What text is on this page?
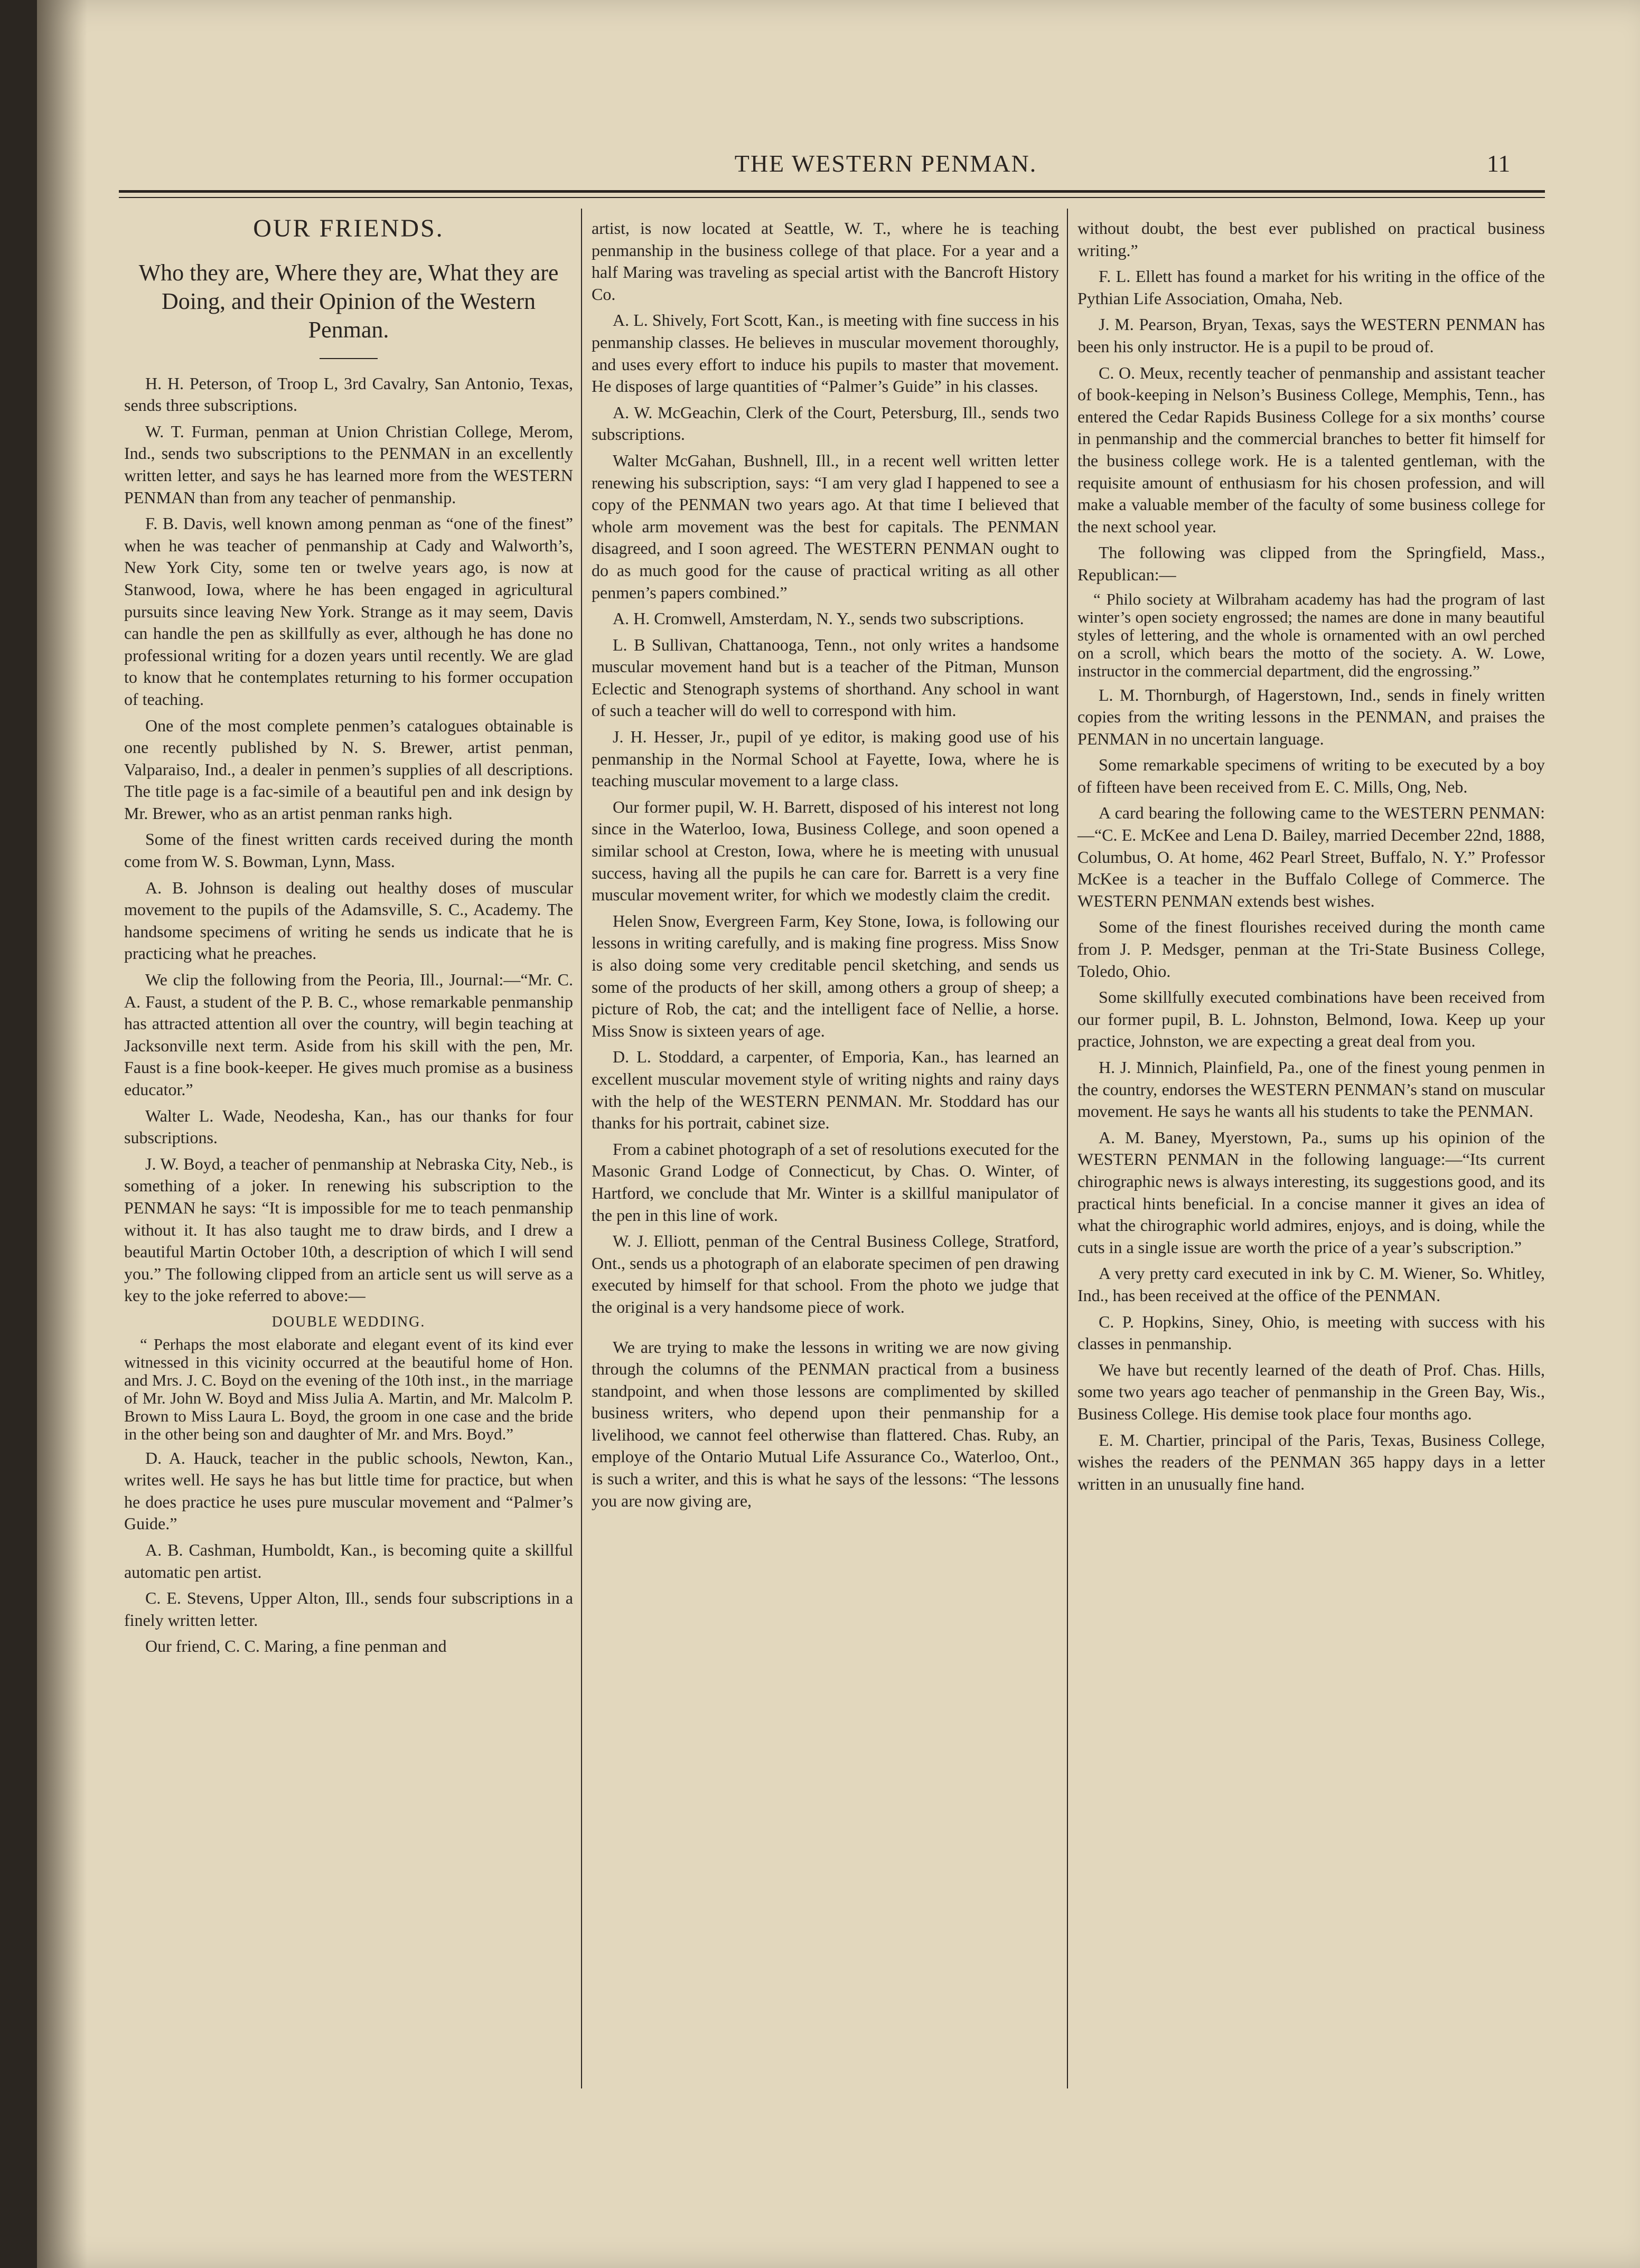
THE WESTERN PENMAN.	11

OUR FRIENDS.

Who they are, Where they are, What they are Doing, and their Opinion of the Western Penman.

H. H. Peterson, of Troop L, 3rd Cavalry, San Antonio, Texas, sends three subscriptions.

W. T. Furman, penman at Union Christian College, Merom, Ind., sends two subscriptions to the PENMAN in an excellently written letter, and says he has learned more from the WESTERN PENMAN than from any teacher of penmanship.

F. B. Davis, well known among penman as “one of the finest” when he was teacher of penmanship at Cady and Walworth’s, New York City, some ten or twelve years ago, is now at Stanwood, Iowa, where he has been engaged in agricultural pursuits since leaving New York. Strange as it may seem, Davis can handle the pen as skillfully as ever, although he has done no professional writing for a dozen years until recently. We are glad to know that he contemplates returning to his former occupation of teaching.

One of the most complete penmen’s catalogues obtainable is one recently published by N. S. Brewer, artist penman, Valparaiso, Ind., a dealer in penmen’s supplies of all descriptions. The title page is a fac-simile of a beautiful pen and ink design by Mr. Brewer, who as an artist penman ranks high.

Some of the finest written cards received during the month come from W. S. Bowman, Lynn, Mass.

A. B. Johnson is dealing out healthy doses of muscular movement to the pupils of the Adamsville, S. C., Academy. The handsome specimens of writing he sends us indicate that he is practicing what he preaches.

We clip the following from the Peoria, Ill., Journal:—“Mr. C. A. Faust, a student of the P. B. C., whose remarkable penmanship has attracted attention all over the country, will begin teaching at Jacksonville next term. Aside from his skill with the pen, Mr. Faust is a fine book-keeper. He gives much promise as a business educator.”

Walter L. Wade, Neodesha, Kan., has our thanks for four subscriptions.

J. W. Boyd, a teacher of penmanship at Nebraska City, Neb., is something of a joker. In renewing his subscription to the PENMAN he says: “It is impossible for me to teach penmanship without it. It has also taught me to draw birds, and I drew a beautiful Martin October 10th, a description of which I will send you.” The following clipped from an article sent us will serve as a key to the joke referred to above:—

DOUBLE WEDDING.

“ Perhaps the most elaborate and elegant event of its kind ever witnessed in this vicinity occurred at the beautiful home of Hon. and Mrs. J. C. Boyd on the evening of the 10th inst., in the marriage of Mr. John W. Boyd and Miss Julia A. Martin, and Mr. Malcolm P. Brown to Miss Laura L. Boyd, the groom in one case and the bride in the other being son and daughter of Mr. and Mrs. Boyd.”

D. A. Hauck, teacher in the public schools, Newton, Kan., writes well. He says he has but little time for practice, but when he does practice he uses pure muscular movement and “Palmer’s Guide.”

A. B. Cashman, Humboldt, Kan., is becoming quite a skillful automatic pen artist.

C. E. Stevens, Upper Alton, Ill., sends four subscriptions in a finely written letter.

Our friend, C. C. Maring, a fine penman and

artist, is now located at Seattle, W. T., where he is teaching penmanship in the business college of that place. For a year and a half Maring was traveling as special artist with the Bancroft History Co.

A. L. Shively, Fort Scott, Kan., is meeting with fine success in his penmanship classes. He believes in muscular movement thoroughly, and uses every effort to induce his pupils to master that movement. He disposes of large quantities of “Palmer’s Guide” in his classes.

A. W. McGeachin, Clerk of the Court, Petersburg, Ill., sends two subscriptions.

Walter McGahan, Bushnell, Ill., in a recent well written letter renewing his subscription, says: “I am very glad I happened to see a copy of the PENMAN two years ago. At that time I believed that whole arm movement was the best for capitals. The PENMAN disagreed, and I soon agreed. The WESTERN PENMAN ought to do as much good for the cause of practical writing as all other penmen’s papers combined.”

A. H. Cromwell, Amsterdam, N. Y., sends two subscriptions.

L. B Sullivan, Chattanooga, Tenn., not only writes a handsome muscular movement hand but is a teacher of the Pitman, Munson Eclectic and Stenograph systems of shorthand. Any school in want of such a teacher will do well to correspond with him.

J. H. Hesser, Jr., pupil of ye editor, is making good use of his penmanship in the Normal School at Fayette, Iowa, where he is teaching muscular movement to a large class.

Our former pupil, W. H. Barrett, disposed of his interest not long since in the Waterloo, Iowa, Business College, and soon opened a similar school at Creston, Iowa, where he is meeting with unusual success, having all the pupils he can care for. Barrett is a very fine muscular movement writer, for which we modestly claim the credit.

Helen Snow, Evergreen Farm, Key Stone, Iowa, is following our lessons in writing carefully, and is making fine progress. Miss Snow is also doing some very creditable pencil sketching, and sends us some of the products of her skill, among others a group of sheep; a picture of Rob, the cat; and the intelligent face of Nellie, a horse. Miss Snow is sixteen years of age.

D. L. Stoddard, a carpenter, of Emporia, Kan., has learned an excellent muscular movement style of writing nights and rainy days with the help of the WESTERN PENMAN. Mr. Stoddard has our thanks for his portrait, cabinet size.

From a cabinet photograph of a set of resolutions executed for the Masonic Grand Lodge of Connecticut, by Chas. O. Winter, of Hartford, we conclude that Mr. Winter is a skillful manipulator of the pen in this line of work.

W. J. Elliott, penman of the Central Business College, Stratford, Ont., sends us a photograph of an elaborate specimen of pen drawing executed by himself for that school. From the photo we judge that the original is a very handsome piece of work.

We are trying to make the lessons in writing we are now giving through the columns of the PENMAN practical from a business standpoint, and when those lessons are complimented by skilled business writers, who depend upon their penmanship for a livelihood, we cannot feel otherwise than flattered. Chas. Ruby, an employe of the Ontario Mutual Life Assurance Co., Waterloo, Ont., is such a writer, and this is what he says of the lessons: “The lessons you are now giving are,

without doubt, the best ever published on practical business writing.”

F. L. Ellett has found a market for his writing in the office of the Pythian Life Association, Omaha, Neb.

J. M. Pearson, Bryan, Texas, says the WESTERN PENMAN has been his only instructor. He is a pupil to be proud of.

C. O. Meux, recently teacher of penmanship and assistant teacher of book-keeping in Nelson’s Business College, Memphis, Tenn., has entered the Cedar Rapids Business College for a six months’ course in penmanship and the commercial branches to better fit himself for the business college work. He is a talented gentleman, with the requisite amount of enthusiasm for his chosen profession, and will make a valuable member of the faculty of some business college for the next school year.

The following was clipped from the Springfield, Mass., Republican:—

“ Philo society at Wilbraham academy has had the program of last winter’s open society engrossed; the names are done in many beautiful styles of lettering, and the whole is ornamented with an owl perched on a scroll, which bears the motto of the society. A. W. Lowe, instructor in the commercial department, did the engrossing.”

L. M. Thornburgh, of Hagerstown, Ind., sends in finely written copies from the writing lessons in the PENMAN, and praises the PENMAN in no uncertain language.

Some remarkable specimens of writing to be executed by a boy of fifteen have been received from E. C. Mills, Ong, Neb.

A card bearing the following came to the WESTERN PENMAN:—“C. E. McKee and Lena D. Bailey, married December 22nd, 1888, Columbus, O. At home, 462 Pearl Street, Buffalo, N. Y.” Professor McKee is a teacher in the Buffalo College of Commerce. The WESTERN PENMAN extends best wishes.

Some of the finest flourishes received during the month came from J. P. Medsger, penman at the Tri-State Business College, Toledo, Ohio.

Some skillfully executed combinations have been received from our former pupil, B. L. Johnston, Belmond, Iowa. Keep up your practice, Johnston, we are expecting a great deal from you.

H. J. Minnich, Plainfield, Pa., one of the finest young penmen in the country, endorses the WESTERN PENMAN’s stand on muscular movement. He says he wants all his students to take the PENMAN.

A. M. Baney, Myerstown, Pa., sums up his opinion of the WESTERN PENMAN in the following language:—“Its current chirographic news is always interesting, its suggestions good, and its practical hints beneficial. In a concise manner it gives an idea of what the chirographic world admires, enjoys, and is doing, while the cuts in a single issue are worth the price of a year’s subscription.”

A very pretty card executed in ink by C. M. Wiener, So. Whitley, Ind., has been received at the office of the PENMAN.

C. P. Hopkins, Siney, Ohio, is meeting with success with his classes in penmanship.

We have but recently learned of the death of Prof. Chas. Hills, some two years ago teacher of penmanship in the Green Bay, Wis., Business College. His demise took place four months ago.

E. M. Chartier, principal of the Paris, Texas, Business College, wishes the readers of the PENMAN 365 happy days in a letter written in an unusually fine hand.
